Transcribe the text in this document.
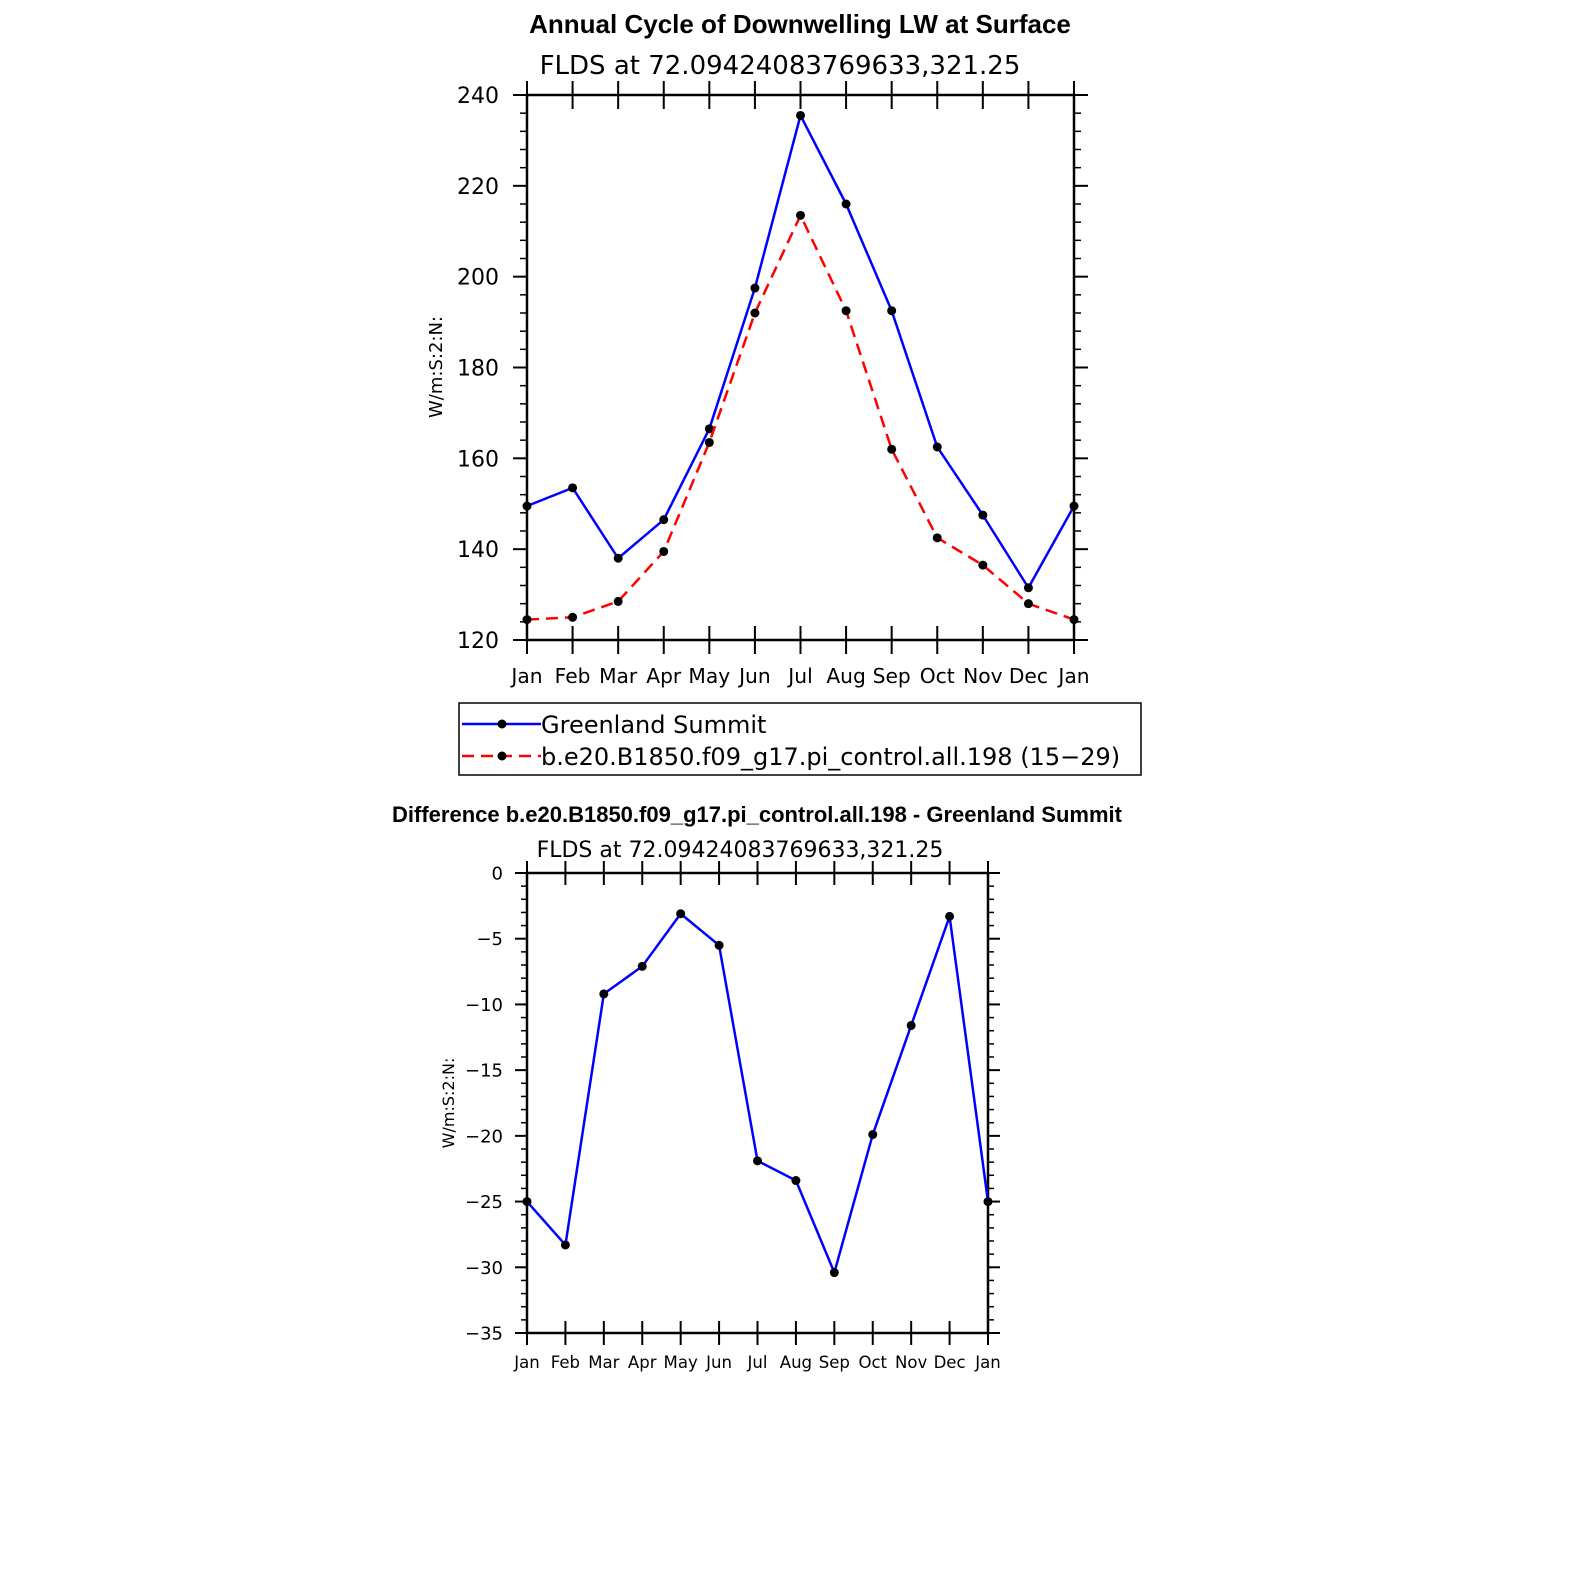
Annual Cycle of Downwelling LW at Surface
FLDS at 72.09424083769633,321.25
W/m:S:2:N:
120
140
160
180
200
220
240
Jan Feb Mar Apr May Jun Jul Aug Sep Oct Nov Dec Jan
Greenland Summit
b.e20.B1850.f09_g17.pi_control.all.198 (15−29)
Difference b.e20.B1850.f09_g17.pi_control.all.198 - Greenland Summit
FLDS at 72.09424083769633,321.25
W/m:S:2:N:
−35
−30
−25
−20
−15
−10
−5
0
Jan Feb Mar Apr May Jun Jul Aug Sep Oct Nov Dec Jan
